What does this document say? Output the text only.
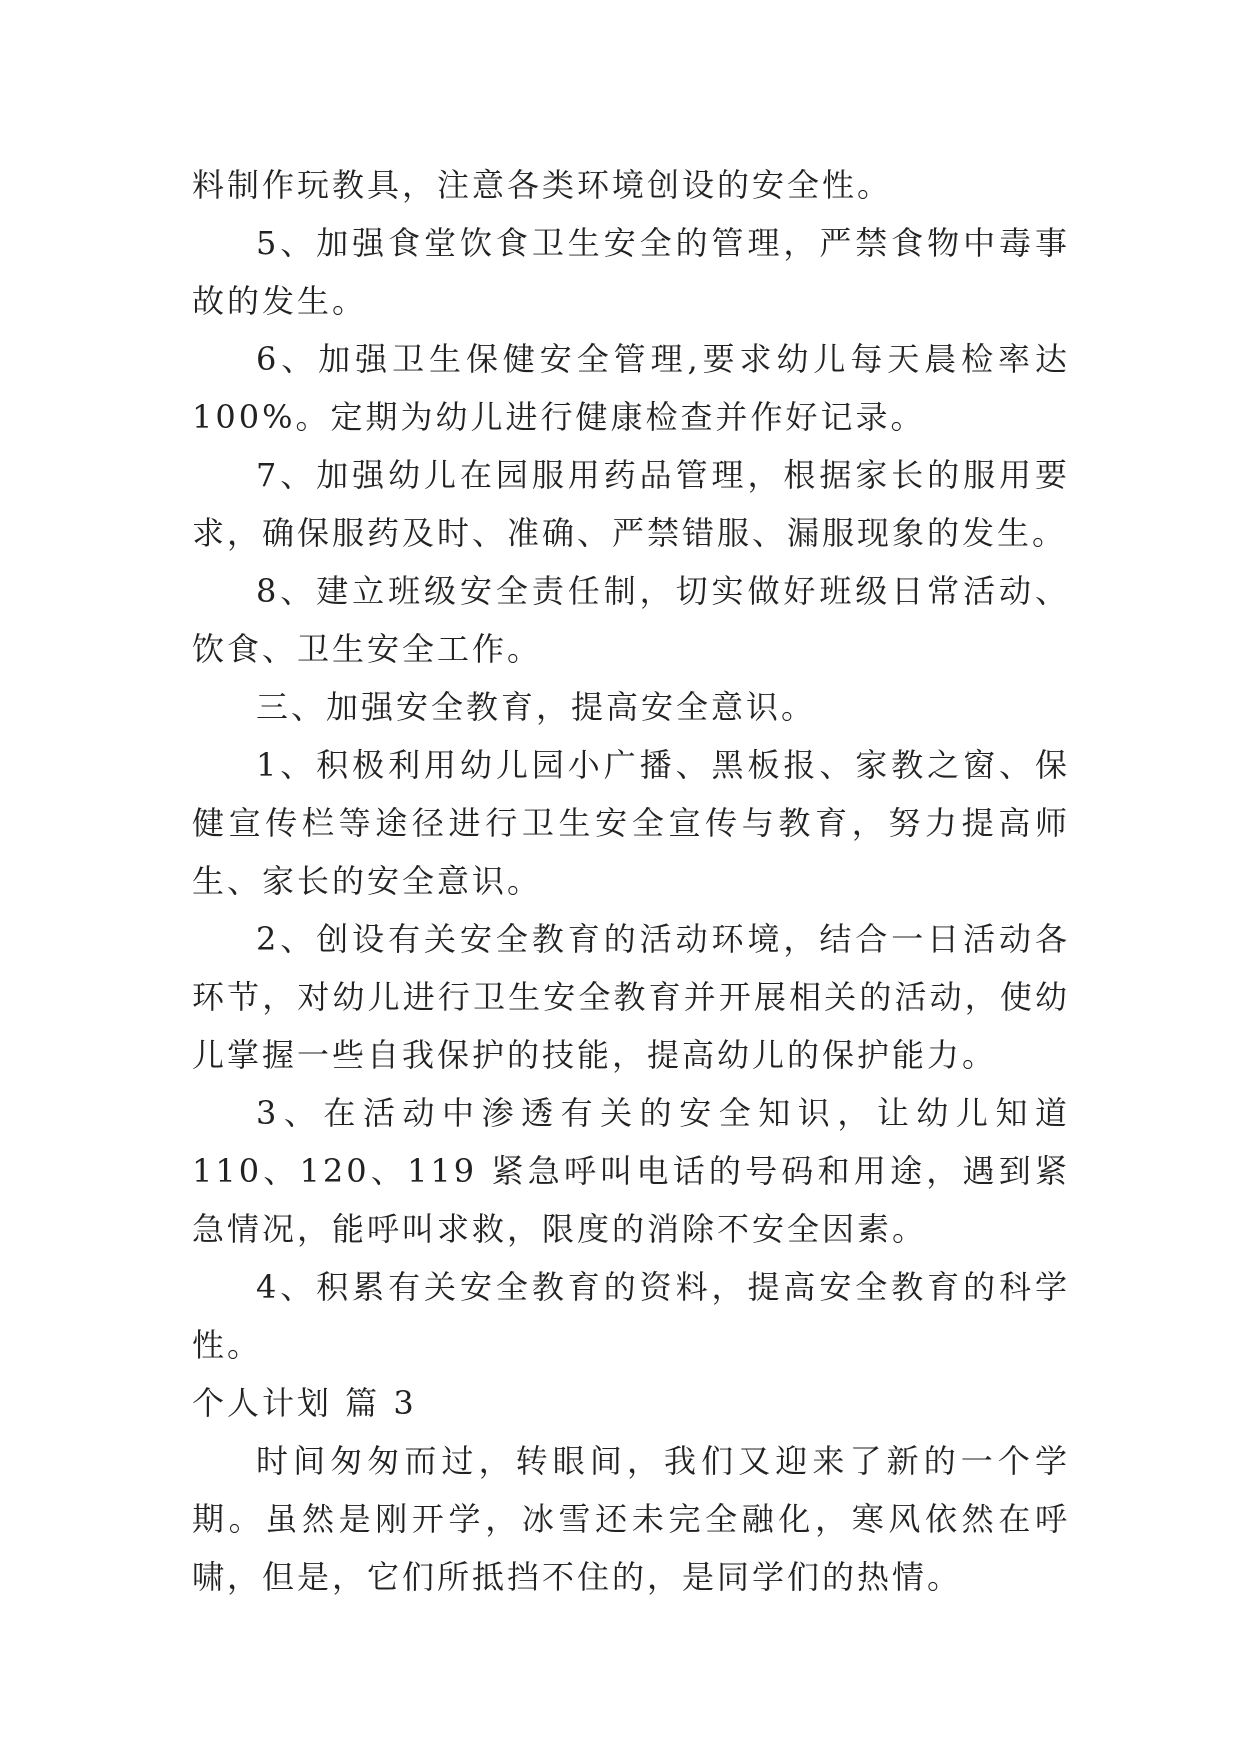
料制作玩教具，注意各类环境创设的安全性。

5、加强食堂饮食卫生安全的管理，严禁食物中毒事故的发生。

6、加强卫生保健安全管理,要求幼儿每天晨检率达100%。定期为幼儿进行健康检查并作好记录。

7、加强幼儿在园服用药品管理，根据家长的服用要求，确保服药及时、准确、严禁错服、漏服现象的发生。

8、建立班级安全责任制，切实做好班级日常活动、饮食、卫生安全工作。

三、加强安全教育，提高安全意识。

1、积极利用幼儿园小广播、黑板报、家教之窗、保健宣传栏等途径进行卫生安全宣传与教育，努力提高师生、家长的安全意识。

2、创设有关安全教育的活动环境，结合一日活动各环节，对幼儿进行卫生安全教育并开展相关的活动，使幼儿掌握一些自我保护的技能，提高幼儿的保护能力。

3、在活动中渗透有关的安全知识，让幼儿知道 110、120、119 紧急呼叫电话的号码和用途，遇到紧急情况，能呼叫求救，限度的消除不安全因素。

4、积累有关安全教育的资料，提高安全教育的科学性。

个人计划 篇 3

时间匆匆而过，转眼间，我们又迎来了新的一个学期。虽然是刚开学，冰雪还未完全融化，寒风依然在呼啸，但是，它们所抵挡不住的，是同学们的热情。
